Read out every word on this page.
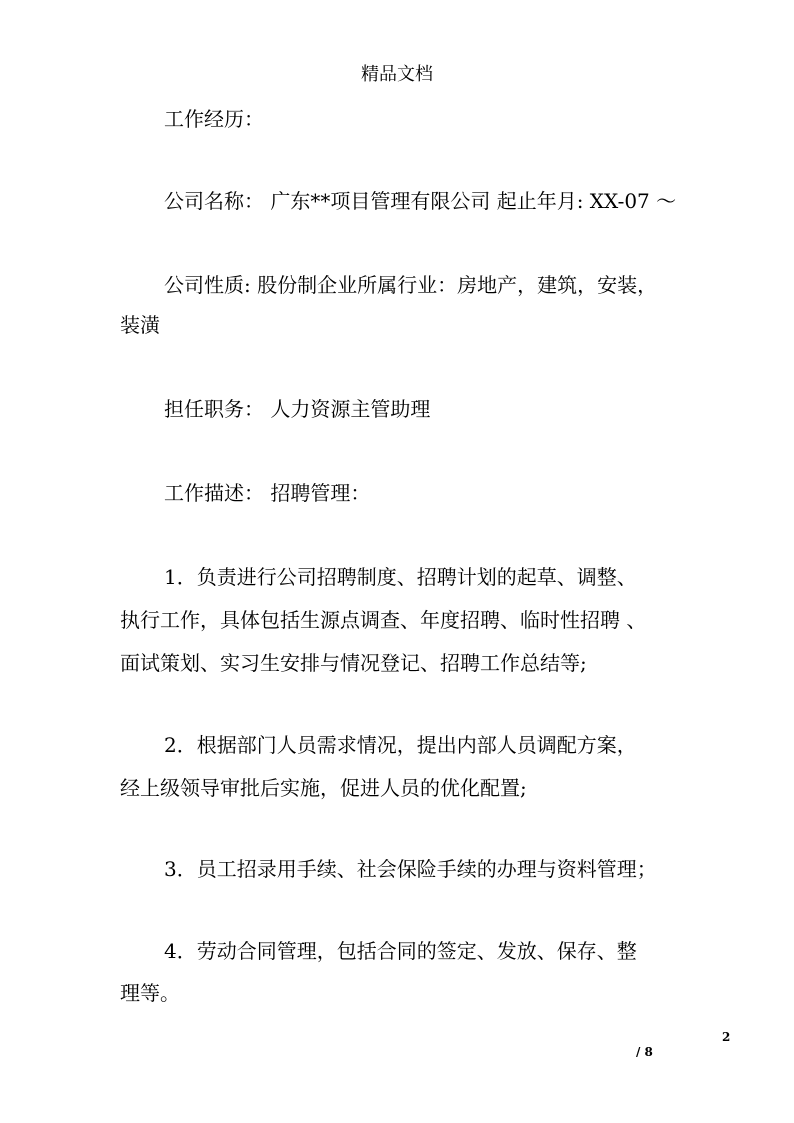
精品文档
工作经历：
公司名称： 广东**项目管理有限公司 起止年月: XX-07 ～
公司性质: 股份制企业所属行业：房地产，建筑，安装，
装潢
担任职务： 人力资源主管助理
工作描述： 招聘管理：
1．负责进行公司招聘制度、招聘计划的起草、调整、
执行工作，具体包括生源点调查、年度招聘、临时性招聘 、
面试策划、实习生安排与情况登记、招聘工作总结等;
2．根据部门人员需求情况，提出内部人员调配方案，
经上级领导审批后实施，促进人员的优化配置;
3．员工招录用手续、社会保险手续的办理与资料管理；
4．劳动合同管理，包括合同的签定、发放、保存、整
理等。
2
/ 8
